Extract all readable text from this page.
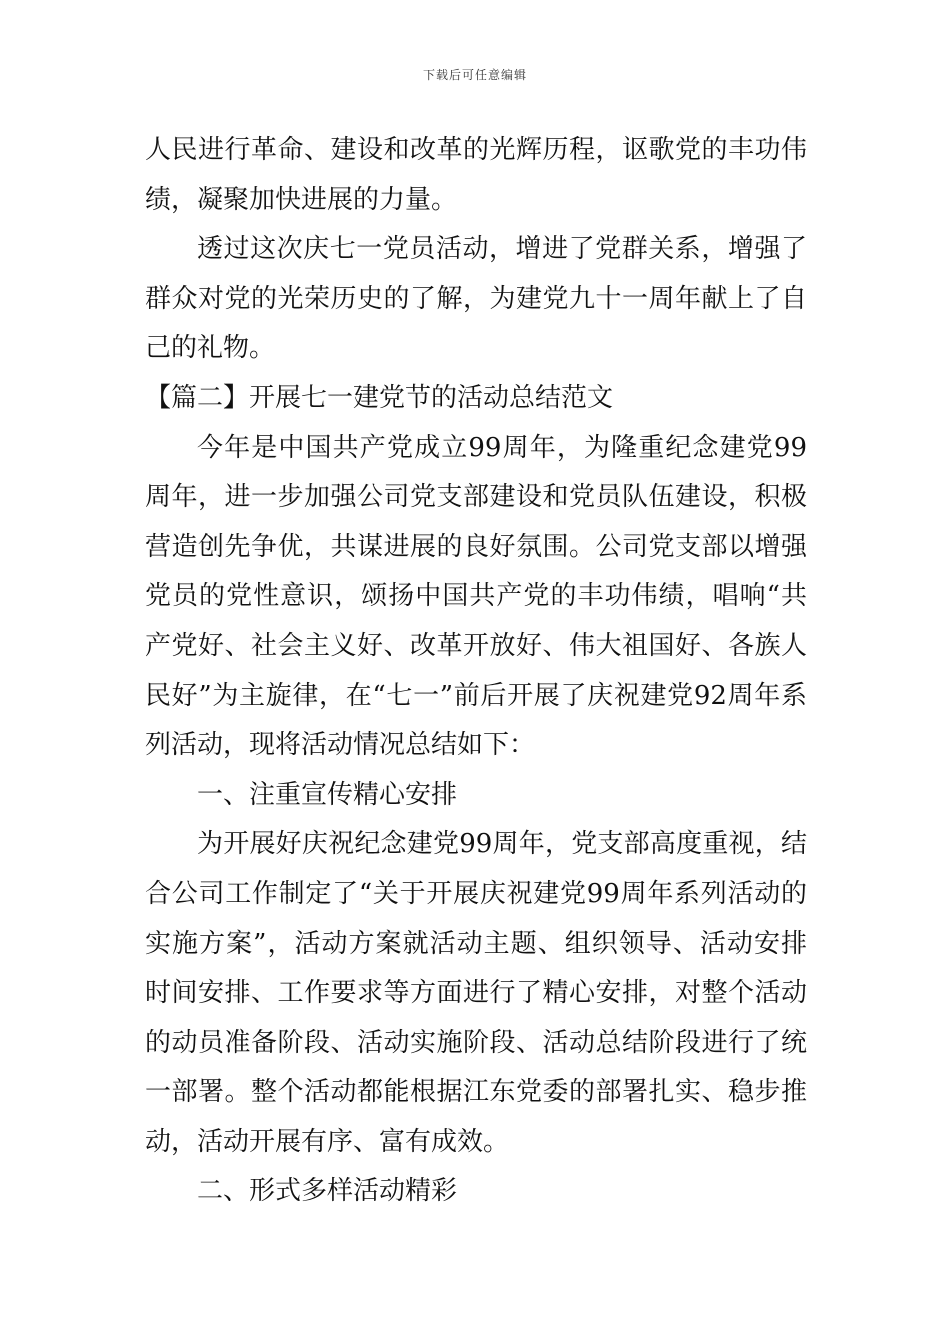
下载后可任意编辑

人民进行革命、建设和改革的光辉历程，讴歌党的丰功伟绩，凝聚加快进展的力量。

透过这次庆七一党员活动，增进了党群关系，增强了群众对党的光荣历史的了解，为建党九十一周年献上了自己的礼物。

【篇二】开展七一建党节的活动总结范文

今年是中国共产党成立99周年，为隆重纪念建党99周年，进一步加强公司党支部建设和党员队伍建设，积极营造创先争优，共谋进展的良好氛围。公司党支部以增强党员的党性意识，颂扬中国共产党的丰功伟绩，唱响“共产党好、社会主义好、改革开放好、伟大祖国好、各族人民好”为主旋律，在“七一”前后开展了庆祝建党92周年系列活动，现将活动情况总结如下：

一、注重宣传精心安排

为开展好庆祝纪念建党99周年，党支部高度重视，结合公司工作制定了“关于开展庆祝建党99周年系列活动的实施方案”，活动方案就活动主题、组织领导、活动安排时间安排、工作要求等方面进行了精心安排，对整个活动的动员准备阶段、活动实施阶段、活动总结阶段进行了统一部署。整个活动都能根据江东党委的部署扎实、稳步推动，活动开展有序、富有成效。

二、形式多样活动精彩
